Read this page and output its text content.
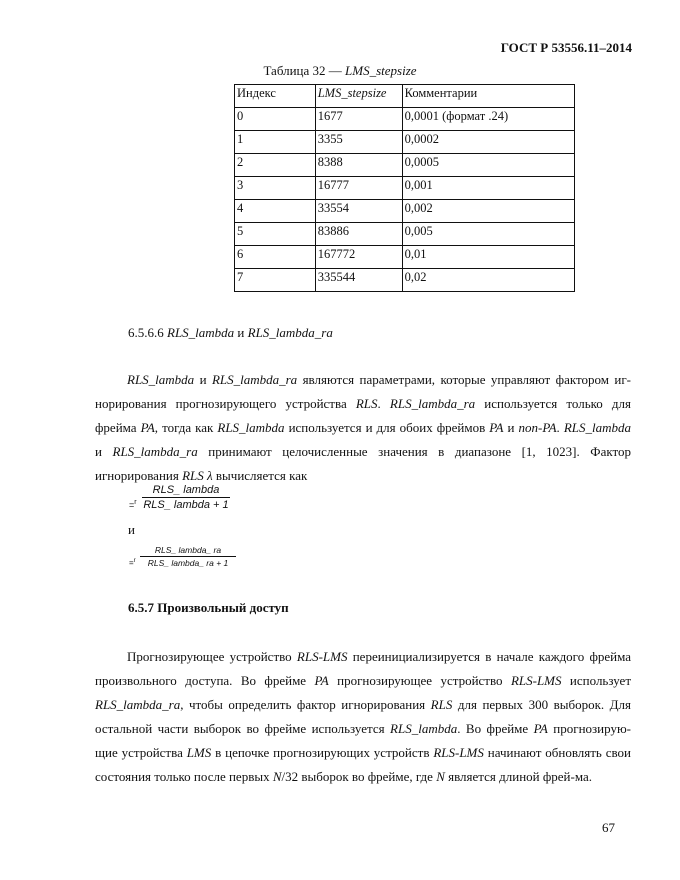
ГОСТ Р 53556.11–2014
Таблица 32 — LMS_stepsize
Индекс	LMS_stepsize	Комментарии
0	1677	0,0001 (формат .24)
1	3355	0,0002
2	8388	0,0005
3	16777	0,001
4	33554	0,002
5	83886	0,005
6	167772	0,01
7	335544	0,02
6.5.6.6 RLS_lambda и RLS_lambda_ra
RLS_lambda и RLS_lambda_ra являются параметрами, которые управляют фактором иг-норирования прогнозирующего устройства RLS. RLS_lambda_ra используется только для фрейма PA, тогда как RLS_lambda используется и для обоих фреймов PA и non-PA. RLS_lambda и RLS_lambda_ra принимают целочисленные значения в диапазоне [1, 1023]. Фактор игнорирования RLS λ вычисляется как
=$^r$
RLS_ lambda
RLS_ lambda + 1
и
=$^r$
RLS_ lambda_ ra
RLS_ lambda_ ra + 1
6.5.7 Произвольный доступ
Прогнозирующее устройство RLS-LMS переинициализируется в начале каждого фрейма произвольного доступа. Во фрейме PA прогнозирующее устройство RLS-LMS использует RLS_lambda_ra, чтобы определить фактор игнорирования RLS для первых 300 выборок. Для остальной части выборок во фрейме используется RLS_lambda. Во фрейме PA прогнозирую-щие устройства LMS в цепочке прогнозирующих устройств RLS-LMS начинают обновлять свои состояния только после первых N/32 выборок во фрейме, где N является длиной фрей-ма.
67
